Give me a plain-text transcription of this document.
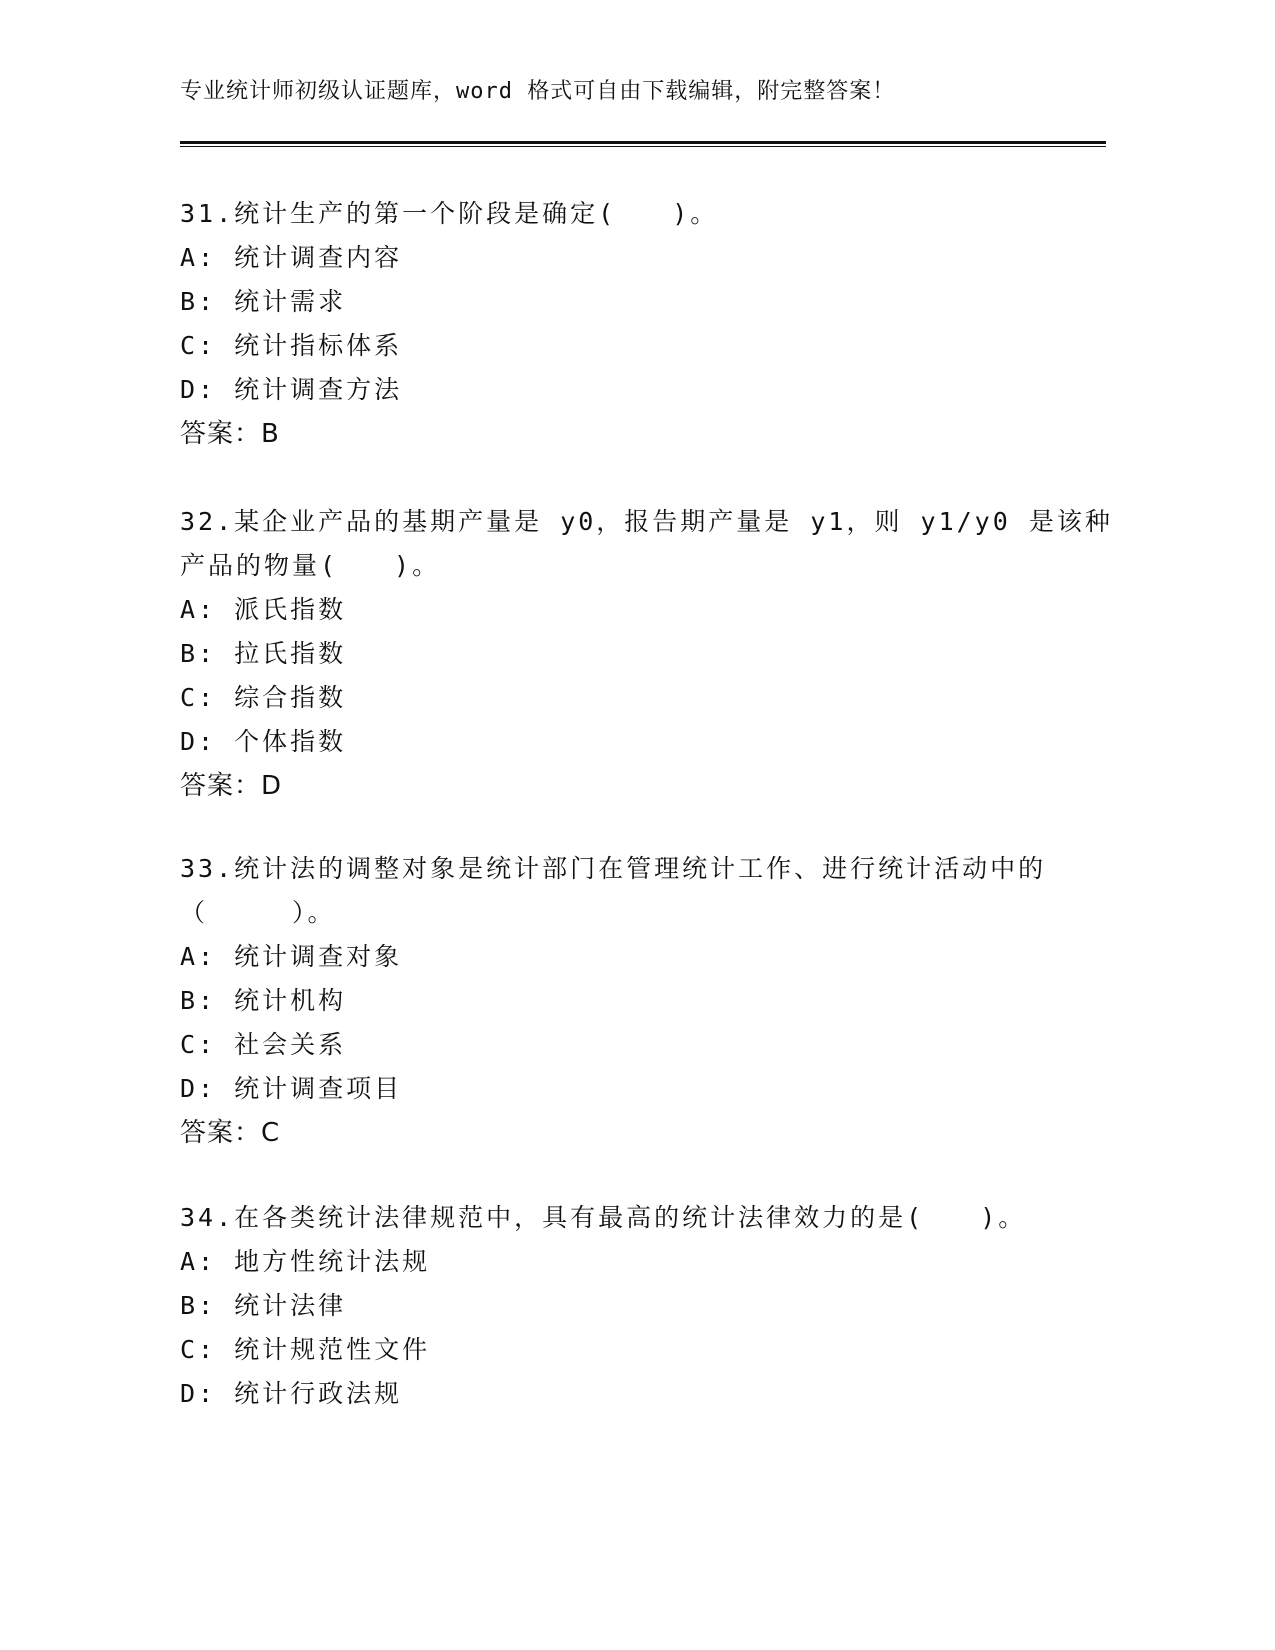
专业统计师初级认证题库，word 格式可自由下载编辑，附完整答案！
31.统计生产的第一个阶段是确定(　　)。
A: 统计调查内容
B: 统计需求
C: 统计指标体系
D: 统计调查方法
答案：B
32.某企业产品的基期产量是 y0，报告期产量是 y1，则 y1/y0 是该种
产品的物量(　　)。
A: 派氏指数
B: 拉氏指数
C: 综合指数
D: 个体指数
答案：D
33.统计法的调整对象是统计部门在管理统计工作、进行统计活动中的
（　　　）。
A: 统计调查对象
B: 统计机构
C: 社会关系
D: 统计调查项目
答案：C
34.在各类统计法律规范中，具有最高的统计法律效力的是(　　)。
A: 地方性统计法规
B: 统计法律
C: 统计规范性文件
D: 统计行政法规
